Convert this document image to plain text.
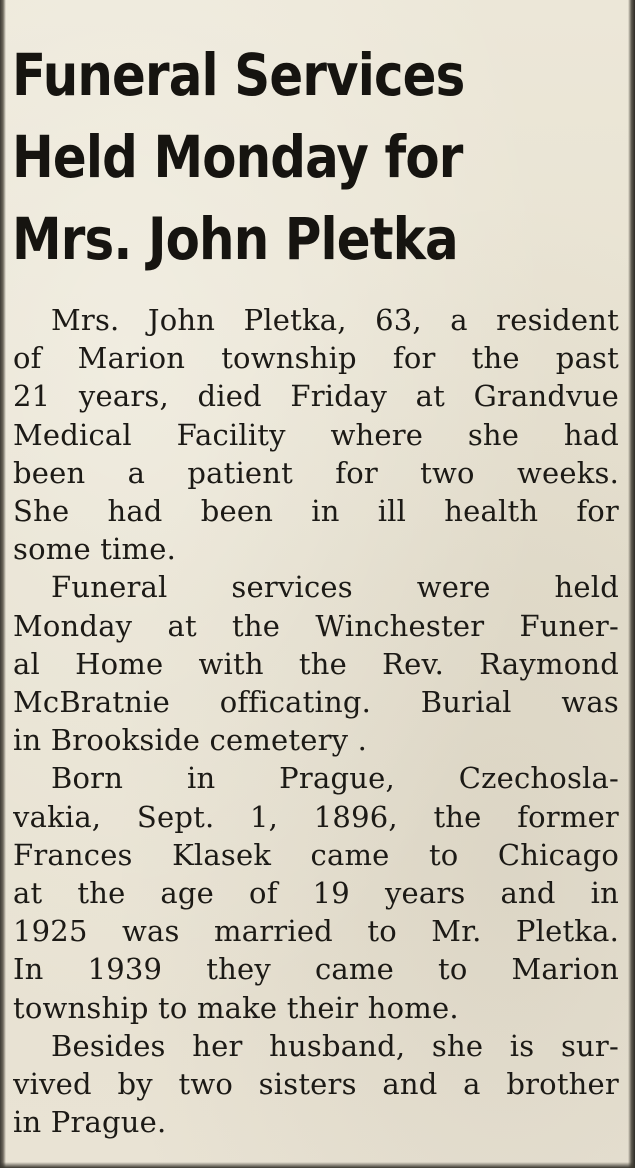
Funeral Services
Held Monday for
Mrs. John Pletka
Mrs. John Pletka, 63, a resident
of Marion township for the past
21 years, died Friday at Grandvue
Medical Facility where she had
been a patient for two weeks.
She had been in ill health for
some time.
Funeral services were held
Monday at the Winchester Funer-
al Home with the Rev. Raymond
McBratnie officating. Burial was
in Brookside cemetery .
Born in Prague, Czechosla-
vakia, Sept. 1, 1896, the former
Frances Klasek came to Chicago
at the age of 19 years and in
1925 was married to Mr. Pletka.
In 1939 they came to Marion
township to make their home.
Besides her husband, she is sur-
vived by two sisters and a brother
in Prague.
